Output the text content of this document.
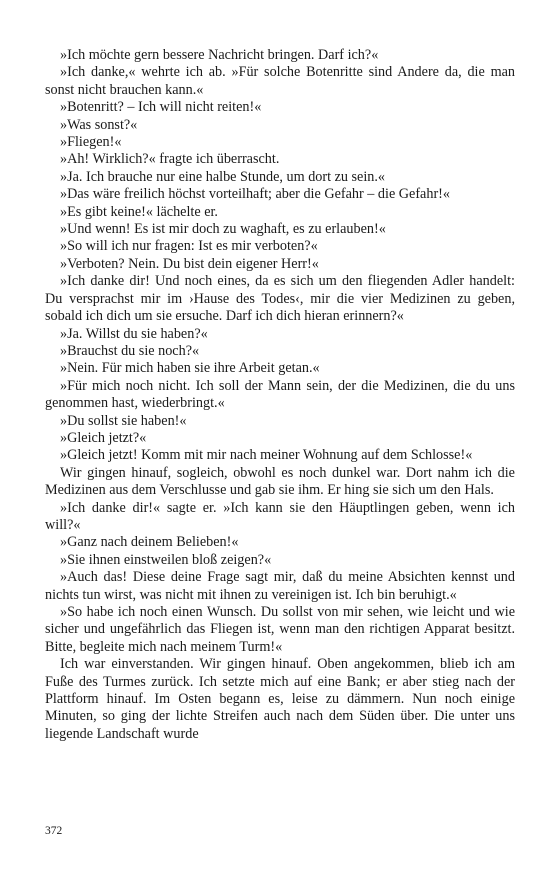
»Ich möchte gern bessere Nachricht bringen. Darf ich?«

»Ich danke,« wehrte ich ab. »Für solche Botenritte sind Andere da, die man sonst nicht brauchen kann.«

»Botenritt? – Ich will nicht reiten!«

»Was sonst?«

»Fliegen!«

»Ah! Wirklich?« fragte ich überrascht.

»Ja. Ich brauche nur eine halbe Stunde, um dort zu sein.«

»Das wäre freilich höchst vorteilhaft; aber die Gefahr – die Gefahr!«

»Es gibt keine!« lächelte er.

»Und wenn! Es ist mir doch zu waghaft, es zu erlauben!«

»So will ich nur fragen: Ist es mir verboten?«

»Verboten? Nein. Du bist dein eigener Herr!«

»Ich danke dir! Und noch eines, da es sich um den fliegenden Adler handelt: Du versprachst mir im ›Hause des Todes‹, mir die vier Medizinen zu geben, sobald ich dich um sie ersuche. Darf ich dich hieran erinnern?«

»Ja. Willst du sie haben?«

»Brauchst du sie noch?«

»Nein. Für mich haben sie ihre Arbeit getan.«

»Für mich noch nicht. Ich soll der Mann sein, der die Medizinen, die du uns genommen hast, wiederbringt.«

»Du sollst sie haben!«

»Gleich jetzt?«

»Gleich jetzt! Komm mit mir nach meiner Wohnung auf dem Schlosse!«

Wir gingen hinauf, sogleich, obwohl es noch dunkel war. Dort nahm ich die Medizinen aus dem Verschlusse und gab sie ihm. Er hing sie sich um den Hals.

»Ich danke dir!« sagte er. »Ich kann sie den Häuptlingen geben, wenn ich will?«

»Ganz nach deinem Belieben!«

»Sie ihnen einstweilen bloß zeigen?«

»Auch das! Diese deine Frage sagt mir, daß du meine Absichten kennst und nichts tun wirst, was nicht mit ihnen zu vereinigen ist. Ich bin beruhigt.«

»So habe ich noch einen Wunsch. Du sollst von mir sehen, wie leicht und wie sicher und ungefährlich das Fliegen ist, wenn man den richtigen Apparat besitzt. Bitte, begleite mich nach meinem Turm!«

Ich war einverstanden. Wir gingen hinauf. Oben angekommen, blieb ich am Fuße des Turmes zurück. Ich setzte mich auf eine Bank; er aber stieg nach der Plattform hinauf. Im Osten begann es, leise zu dämmern. Nun noch einige Minuten, so ging der lichte Streifen auch nach dem Süden über. Die unter uns liegende Landschaft wurde

372
